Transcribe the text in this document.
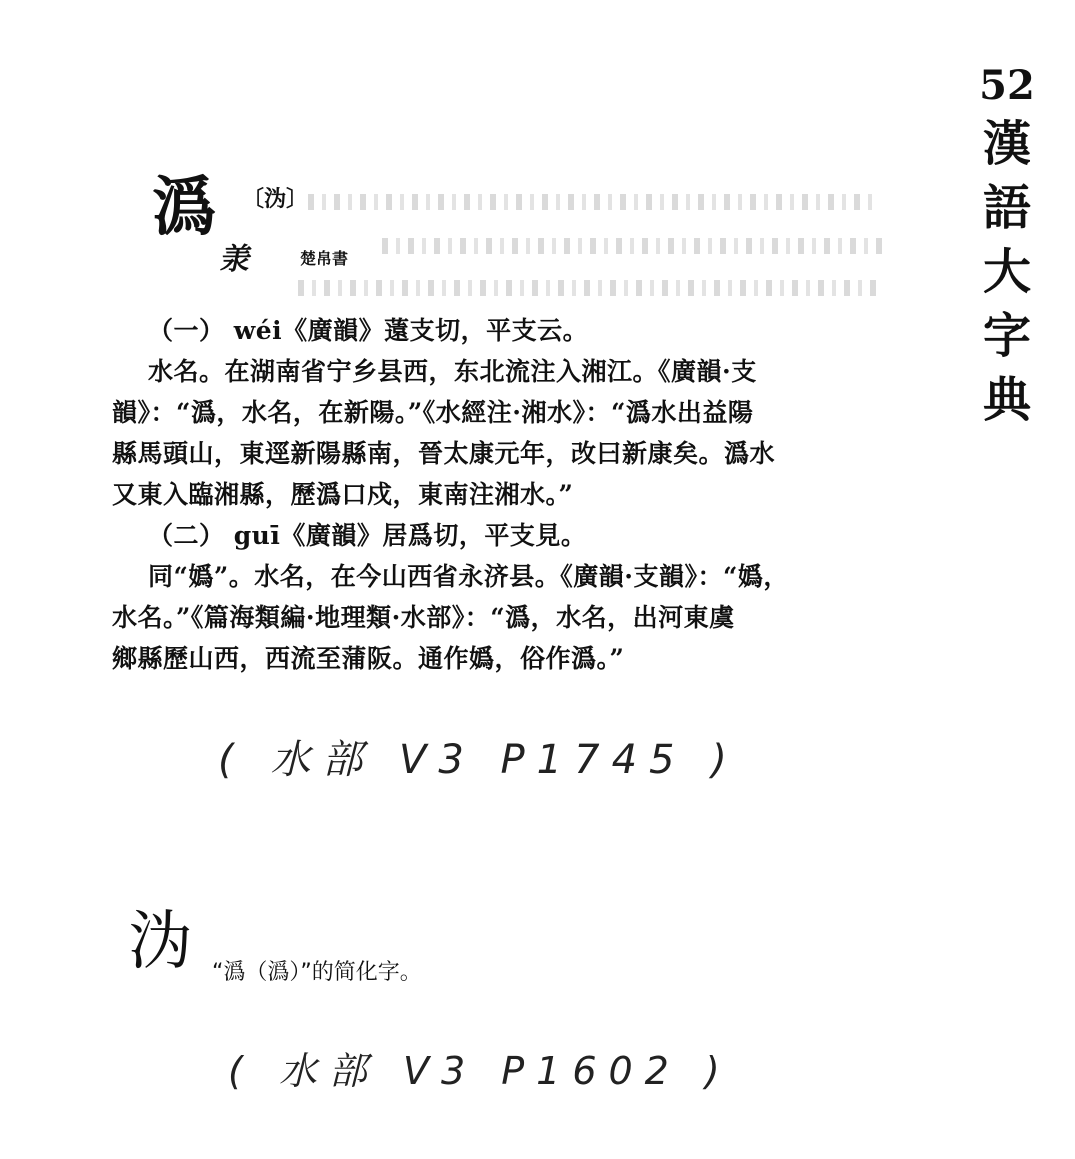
52
漢語大字典
潙 〔沩〕
𣴎	楚帛書

（一） wéi《廣韻》薳支切，平支云。

水名。在湖南省宁乡县西，东北流注入湘江。《廣韻·支

韻》：“潙，水名，在新陽。”《水經注·湘水》：“潙水出益陽

縣馬頭山，東逕新陽縣南，晉太康元年，改曰新康矣。潙水

又東入臨湘縣，歷潙口戍，東南注湘水。”

（二） guī《廣韻》居爲切，平支見。

同“嬀”。水名，在今山西省永济县。《廣韻·支韻》：“嬀，

水名。”《篇海類編·地理類·水部》：“潙，水名，出河東虞

鄉縣歷山西，西流至蒲阪。通作嬀，俗作潙。”

( 水部 V3 P1745 )
沩 “潙（潙）”的简化字。
( 水部 V3 P1602 )
